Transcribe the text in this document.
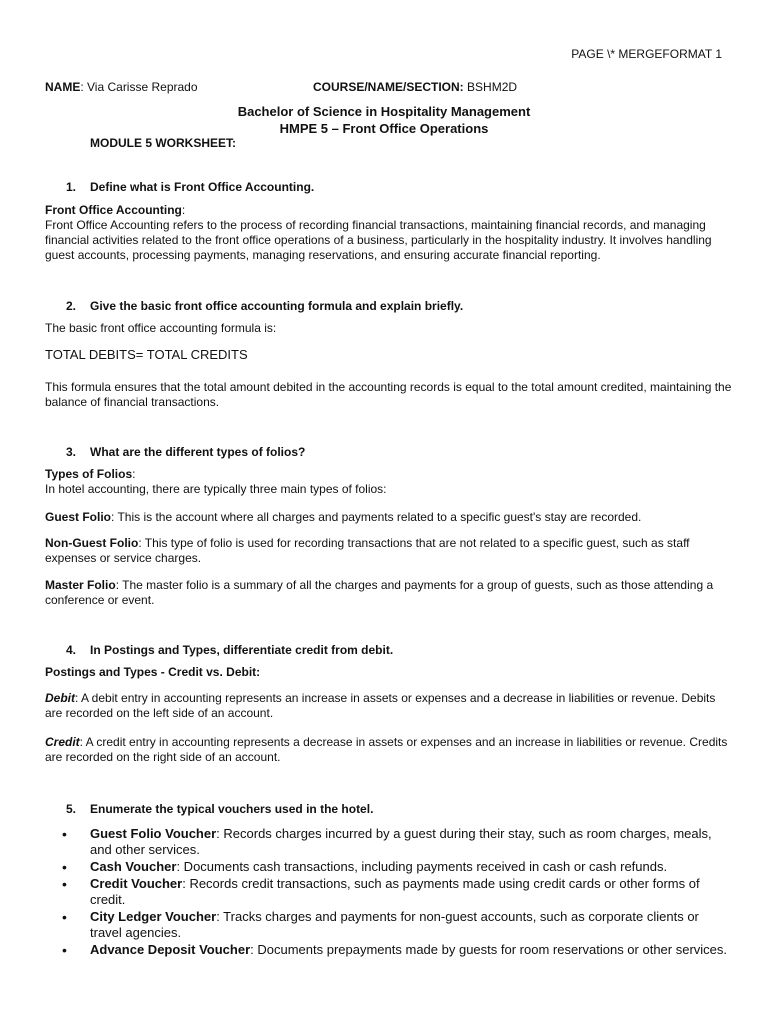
PAGE \* MERGEFORMAT 1
NAME: Via Carisse Reprado	COURSE/NAME/SECTION: BSHM2D
Bachelor of Science in Hospitality Management
HMPE 5 – Front Office Operations
MODULE 5 WORKSHEET:
1. Define what is Front Office Accounting.
Front Office Accounting:
Front Office Accounting refers to the process of recording financial transactions, maintaining financial records, and managing financial activities related to the front office operations of a business, particularly in the hospitality industry. It involves handling guest accounts, processing payments, managing reservations, and ensuring accurate financial reporting.
2. Give the basic front office accounting formula and explain briefly.
The basic front office accounting formula is:
TOTAL DEBITS= TOTAL CREDITS
This formula ensures that the total amount debited in the accounting records is equal to the total amount credited, maintaining the balance of financial transactions.
3. What are the different types of folios?
Types of Folios:
In hotel accounting, there are typically three main types of folios:
Guest Folio: This is the account where all charges and payments related to a specific guest's stay are recorded.
Non-Guest Folio: This type of folio is used for recording transactions that are not related to a specific guest, such as staff expenses or service charges.
Master Folio: The master folio is a summary of all the charges and payments for a group of guests, such as those attending a conference or event.
4. In Postings and Types, differentiate credit from debit.
Postings and Types - Credit vs. Debit:
Debit: A debit entry in accounting represents an increase in assets or expenses and a decrease in liabilities or revenue. Debits are recorded on the left side of an account.
Credit: A credit entry in accounting represents a decrease in assets or expenses and an increase in liabilities or revenue. Credits are recorded on the right side of an account.
5. Enumerate the typical vouchers used in the hotel.
• Guest Folio Voucher: Records charges incurred by a guest during their stay, such as room charges, meals, and other services.
• Cash Voucher: Documents cash transactions, including payments received in cash or cash refunds.
• Credit Voucher: Records credit transactions, such as payments made using credit cards or other forms of credit.
• City Ledger Voucher: Tracks charges and payments for non-guest accounts, such as corporate clients or travel agencies.
• Advance Deposit Voucher: Documents prepayments made by guests for room reservations or other services.
